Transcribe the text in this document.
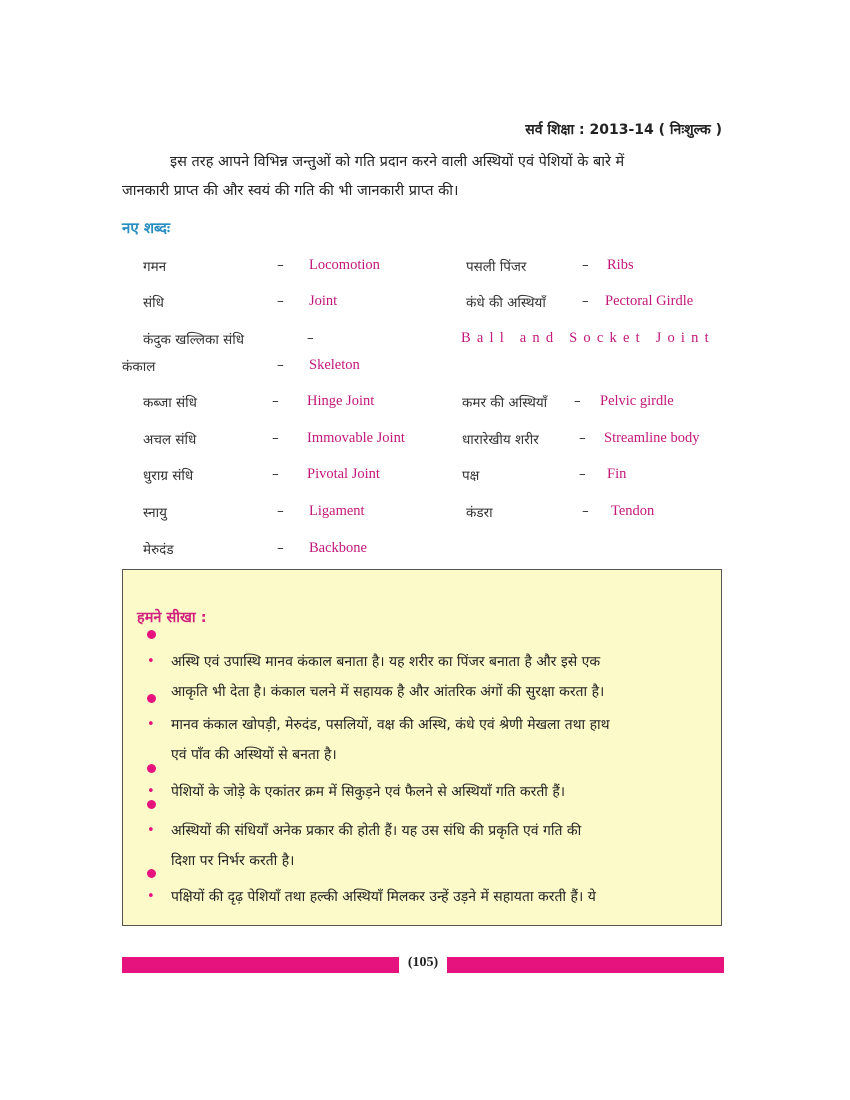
सर्व शिक्षा : 2013-14 ( निःशुल्क )
इस तरह आपने विभिन्न जन्तुओं को गति प्रदान करने वाली अस्थियों एवं पेशियों के बारे में
जानकारी प्राप्त की और स्वयं की गति की भी जानकारी प्राप्त की।
नए शब्दः
गमन	– Locomotion	पसली पिंजर	– Ribs
संधि	– Joint	कंधे की अस्थियाँ	– Pectoral Girdle
कंदुक खल्लिका संधि	–	Ball and Socket Joint
कंकाल	– Skeleton
कब्जा संधि	– Hinge Joint	कमर की अस्थियाँ – Pelvic girdle
अचल संधि	– Immovable Joint	धारारेखीय शरीर	– Streamline body
धुराग्र संधि	– Pivotal Joint	पक्ष	– Fin
स्नायु	– Ligament	कंडरा	– Tendon
मेरुदंड	– Backbone
हमने सीखा :
•	अस्थि एवं उपास्थि मानव कंकाल बनाता है। यह शरीर का पिंजर बनाता है और इसे एक
आकृति भी देता है। कंकाल चलने में सहायक है और आंतरिक अंगों की सुरक्षा करता है।
•	मानव कंकाल खोपड़ी, मेरुदंड, पसलियों, वक्ष की अस्थि, कंधे एवं श्रेणी मेखला तथा हाथ
एवं पाँव की अस्थियों से बनता है।
•	पेशियों के जोड़े के एकांतर क्रम में सिकुड़ने एवं फैलने से अस्थियाँ गति करती हैं।
•	अस्थियों की संधियाँ अनेक प्रकार की होती हैं। यह उस संधि की प्रकृति एवं गति की
दिशा पर निर्भर करती है।
•	पक्षियों की दृढ़ पेशियाँ तथा हल्की अस्थियाँ मिलकर उन्हें उड़ने में सहायता करती हैं। ये
(105)
